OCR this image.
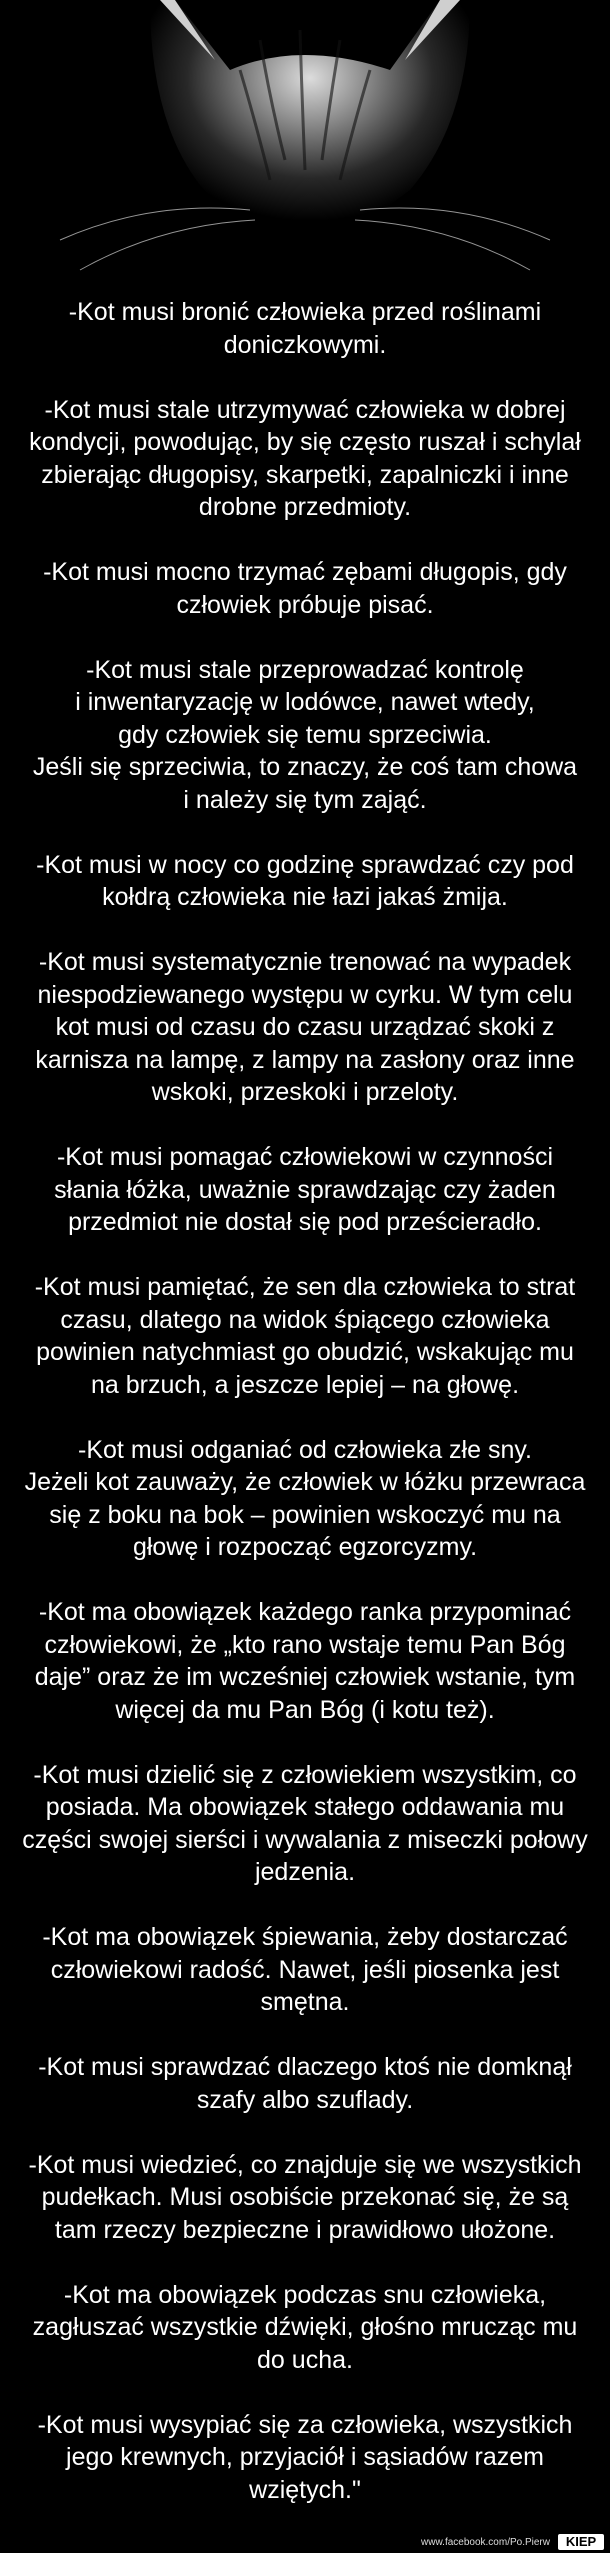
-Kot musi bronić człowieka przed roślinami
doniczkowymi.

-Kot musi stale utrzymywać człowieka w dobrej
kondycji, powodując, by się często ruszał i schylał
zbierając długopisy, skarpetki, zapalniczki i inne
drobne przedmioty.

-Kot musi mocno trzymać zębami długopis, gdy
człowiek próbuje pisać.

-Kot musi stale przeprowadzać kontrolę
i inwentaryzację w lodówce, nawet wtedy,
gdy człowiek się temu sprzeciwia.
Jeśli się sprzeciwia, to znaczy, że coś tam chowa
i należy się tym zająć.

-Kot musi w nocy co godzinę sprawdzać czy pod
kołdrą człowieka nie łazi jakaś żmija.

-Kot musi systematycznie trenować na wypadek
niespodziewanego występu w cyrku. W tym celu
kot musi od czasu do czasu urządzać skoki z
karnisza na lampę, z lampy na zasłony oraz inne
wskoki, przeskoki i przeloty.

-Kot musi pomagać człowiekowi w czynności
słania łóżka, uważnie sprawdzając czy żaden
przedmiot nie dostał się pod prześcieradło.

-Kot musi pamiętać, że sen dla człowieka to strat
czasu, dlatego na widok śpiącego człowieka
powinien natychmiast go obudzić, wskakując mu
na brzuch, a jeszcze lepiej – na głowę.

-Kot musi odganiać od człowieka złe sny.
Jeżeli kot zauważy, że człowiek w łóżku przewraca
się z boku na bok – powinien wskoczyć mu na
głowę i rozpocząć egzorcyzmy.

-Kot ma obowiązek każdego ranka przypominać
człowiekowi, że „kto rano wstaje temu Pan Bóg
daje” oraz że im wcześniej człowiek wstanie, tym
więcej da mu Pan Bóg (i kotu też).

-Kot musi dzielić się z człowiekiem wszystkim, co
posiada. Ma obowiązek stałego oddawania mu
części swojej sierści i wywalania z miseczki połowy
jedzenia.

-Kot ma obowiązek śpiewania, żeby dostarczać
człowiekowi radość. Nawet, jeśli piosenka jest
smętna.

-Kot musi sprawdzać dlaczego ktoś nie domknął
szafy albo szuflady.

-Kot musi wiedzieć, co znajduje się we wszystkich
pudełkach. Musi osobiście przekonać się, że są
tam rzeczy bezpieczne i prawidłowo ułożone.

-Kot ma obowiązek podczas snu człowieka,
zagłuszać wszystkie dźwięki, głośno mrucząc mu
do ucha.

-Kot musi wysypiać się za człowieka, wszystkich
jego krewnych, przyjaciół i sąsiadów razem
wziętych."

www.facebook.com/Po.Pierw	KIEP
